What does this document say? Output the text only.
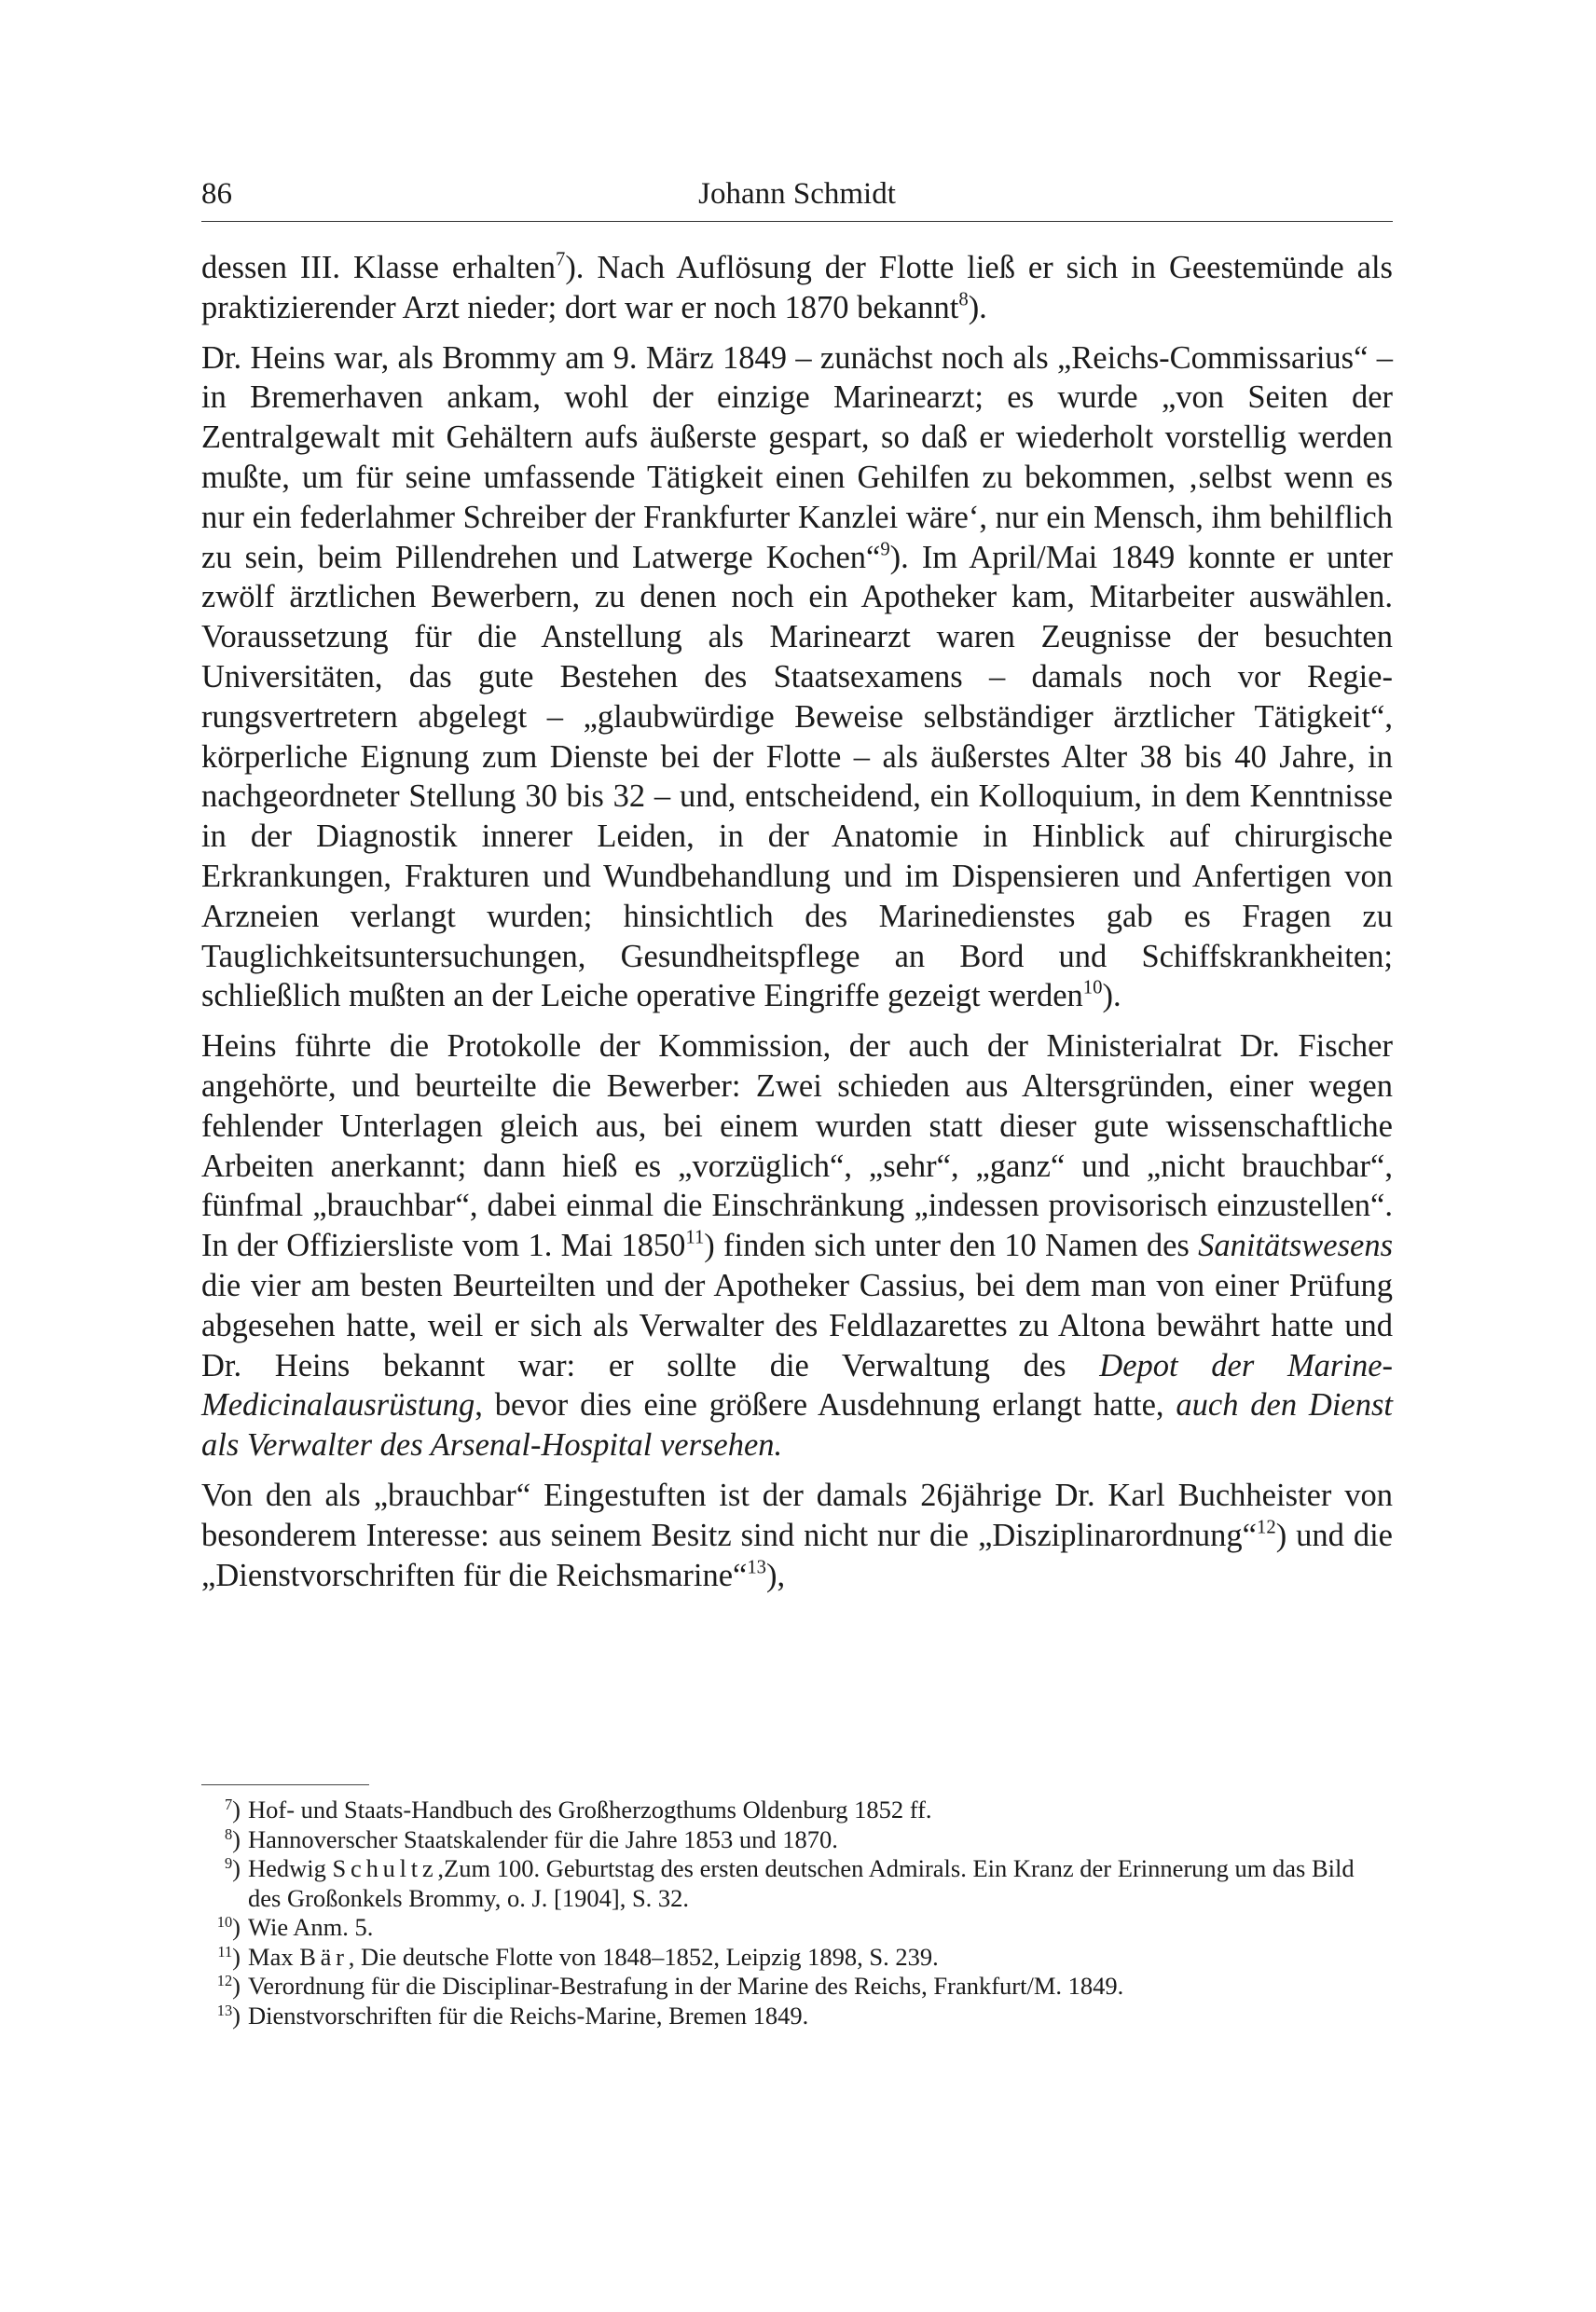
86	Johann Schmidt

dessen III. Klasse erhalten$^7$). Nach Auflösung der Flotte ließ er sich in Geestemünde als praktizierender Arzt nieder; dort war er noch 1870 bekannt$^8$).

Dr. Heins war, als Brommy am 9. März 1849 – zunächst noch als „Reichs-Commissarius“ – in Bremerhaven ankam, wohl der einzige Marinearzt; es wurde „von Seiten der Zentralgewalt mit Gehältern aufs äußerste gespart, so daß er wiederholt vorstellig werden mußte, um für seine umfassende Tätigkeit einen Gehilfen zu bekommen, ‚selbst wenn es nur ein federlahmer Schreiber der Frankfurter Kanzlei wäre‘, nur ein Mensch, ihm behilflich zu sein, beim Pillendrehen und Latwerge Kochen“$^9$). Im April/Mai 1849 konnte er unter zwölf ärztlichen Bewerbern, zu denen noch ein Apotheker kam, Mitarbeiter auswählen. Voraussetzung für die Anstellung als Marinearzt waren Zeugnisse der besuchten Universitäten, das gute Bestehen des Staatsexamens – damals noch vor Regierungsvertretern abgelegt – „glaubwürdige Beweise selbständiger ärztlicher Tätigkeit“, körperliche Eignung zum Dienste bei der Flotte – als äußerstes Alter 38 bis 40 Jahre, in nachgeordneter Stellung 30 bis 32 – und, entscheidend, ein Kolloquium, in dem Kenntnisse in der Diagnostik innerer Leiden, in der Anatomie in Hinblick auf chirurgische Erkrankungen, Frakturen und Wundbehandlung und im Dispensieren und Anfertigen von Arzneien verlangt wurden; hinsichtlich des Marinedienstes gab es Fragen zu Tauglichkeitsuntersuchungen, Gesundheitspflege an Bord und Schiffskrankheiten; schließlich mußten an der Leiche operative Eingriffe gezeigt werden$^{10}$).

Heins führte die Protokolle der Kommission, der auch der Ministerialrat Dr. Fischer angehörte, und beurteilte die Bewerber: Zwei schieden aus Altersgründen, einer wegen fehlender Unterlagen gleich aus, bei einem wurden statt dieser gute wissenschaftliche Arbeiten anerkannt; dann hieß es „vorzüglich“, „sehr“, „ganz“ und „nicht brauchbar“, fünfmal „brauchbar“, dabei einmal die Einschränkung „indessen provisorisch einzustellen“. In der Offiziersliste vom 1. Mai 1850$^{11}$) finden sich unter den 10 Namen des Sanitätswesens die vier am besten Beurteilten und der Apotheker Cassius, bei dem man von einer Prüfung abgesehen hatte, weil er sich als Verwalter des Feldlazarettes zu Altona bewährt hatte und Dr. Heins bekannt war: er sollte die Verwaltung des Depot der Marine-Medicinalausrüstung, bevor dies eine größere Ausdehnung erlangt hatte, auch den Dienst als Verwalter des Arsenal-Hospital versehen.

Von den als „brauchbar“ Eingestuften ist der damals 26jährige Dr. Karl Buchheister von besonderem Interesse: aus seinem Besitz sind nicht nur die „Disziplinarordnung“$^{12}$) und die „Dienstvorschriften für die Reichsmarine“$^{13}$),

$^7$) Hof- und Staats-Handbuch des Großherzogthums Oldenburg 1852 ff.
$^8$) Hannoverscher Staatskalender für die Jahre 1853 und 1870.
$^9$) Hedwig Schultz,Zum 100. Geburtstag des ersten deutschen Admirals. Ein Kranz der Erinnerung um das Bild des Großonkels Brommy, o. J. [1904], S. 32.
$^{10}$) Wie Anm. 5.
$^{11}$) Max Bär, Die deutsche Flotte von 1848–1852, Leipzig 1898, S. 239.
$^{12}$) Verordnung für die Disciplinar-Bestrafung in der Marine des Reichs, Frankfurt/M. 1849.
$^{13}$) Dienstvorschriften für die Reichs-Marine, Bremen 1849.
